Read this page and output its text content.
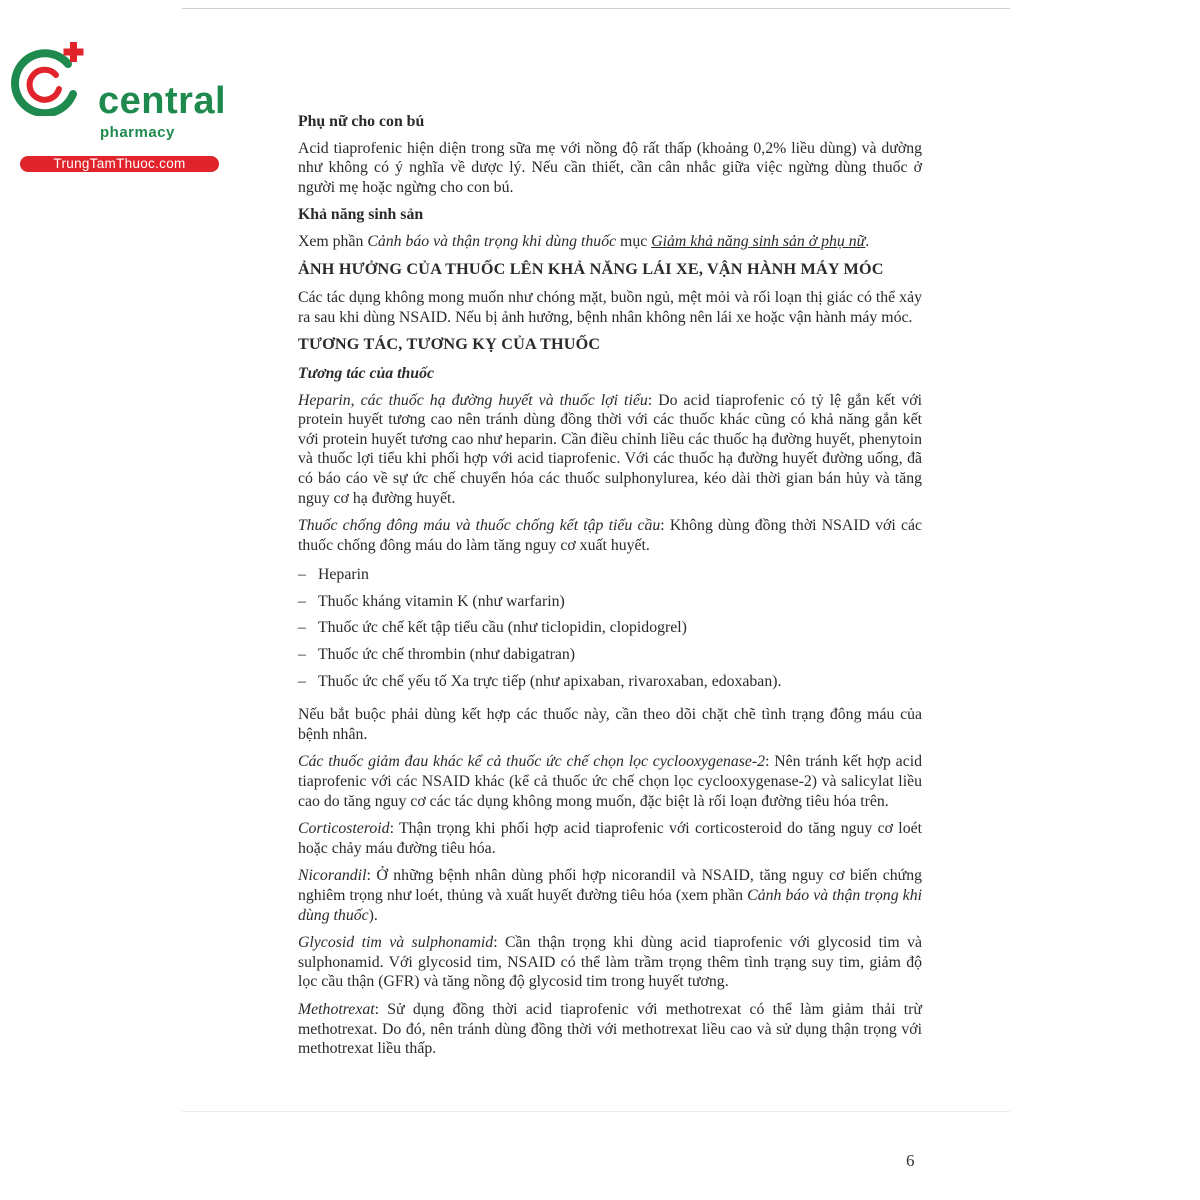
central
pharmacy
TrungTamThuoc.com

Phụ nữ cho con bú

Acid tiaprofenic hiện diện trong sữa mẹ với nồng độ rất thấp (khoảng 0,2% liều dùng) và dường như không có ý nghĩa về dược lý. Nếu cần thiết, cần cân nhắc giữa việc ngừng dùng thuốc ở người mẹ hoặc ngừng cho con bú.

Khả năng sinh sản

Xem phần Cảnh báo và thận trọng khi dùng thuốc mục Giảm khả năng sinh sản ở phụ nữ.

ẢNH HƯỞNG CỦA THUỐC LÊN KHẢ NĂNG LÁI XE, VẬN HÀNH MÁY MÓC

Các tác dụng không mong muốn như chóng mặt, buồn ngủ, mệt mỏi và rối loạn thị giác có thể xảy ra sau khi dùng NSAID. Nếu bị ảnh hưởng, bệnh nhân không nên lái xe hoặc vận hành máy móc.

TƯƠNG TÁC, TƯƠNG KỴ CỦA THUỐC

Tương tác của thuốc

Heparin, các thuốc hạ đường huyết và thuốc lợi tiểu: Do acid tiaprofenic có tỷ lệ gắn kết với protein huyết tương cao nên tránh dùng đồng thời với các thuốc khác cũng có khả năng gắn kết với protein huyết tương cao như heparin. Cần điều chỉnh liều các thuốc hạ đường huyết, phenytoin và thuốc lợi tiểu khi phối hợp với acid tiaprofenic. Với các thuốc hạ đường huyết đường uống, đã có báo cáo về sự ức chế chuyển hóa các thuốc sulphonylurea, kéo dài thời gian bán hủy và tăng nguy cơ hạ đường huyết.

Thuốc chống đông máu và thuốc chống kết tập tiểu cầu: Không dùng đồng thời NSAID với các thuốc chống đông máu do làm tăng nguy cơ xuất huyết.

– Heparin
– Thuốc kháng vitamin K (như warfarin)
– Thuốc ức chế kết tập tiểu cầu (như ticlopidin, clopidogrel)
– Thuốc ức chế thrombin (như dabigatran)
– Thuốc ức chế yếu tố Xa trực tiếp (như apixaban, rivaroxaban, edoxaban).

Nếu bắt buộc phải dùng kết hợp các thuốc này, cần theo dõi chặt chẽ tình trạng đông máu của bệnh nhân.

Các thuốc giảm đau khác kể cả thuốc ức chế chọn lọc cyclooxygenase-2: Nên tránh kết hợp acid tiaprofenic với các NSAID khác (kể cả thuốc ức chế chọn lọc cyclooxygenase-2) và salicylat liều cao do tăng nguy cơ các tác dụng không mong muốn, đặc biệt là rối loạn đường tiêu hóa trên.

Corticosteroid: Thận trọng khi phối hợp acid tiaprofenic với corticosteroid do tăng nguy cơ loét hoặc chảy máu đường tiêu hóa.

Nicorandil: Ở những bệnh nhân dùng phối hợp nicorandil và NSAID, tăng nguy cơ biến chứng nghiêm trọng như loét, thủng và xuất huyết đường tiêu hóa (xem phần Cảnh báo và thận trọng khi dùng thuốc).

Glycosid tim và sulphonamid: Cần thận trọng khi dùng acid tiaprofenic với glycosid tim và sulphonamid. Với glycosid tim, NSAID có thể làm trầm trọng thêm tình trạng suy tim, giảm độ lọc cầu thận (GFR) và tăng nồng độ glycosid tim trong huyết tương.

Methotrexat: Sử dụng đồng thời acid tiaprofenic với methotrexat có thể làm giảm thải trừ methotrexat. Do đó, nên tránh dùng đồng thời với methotrexat liều cao và sử dụng thận trọng với methotrexat liều thấp.

6
